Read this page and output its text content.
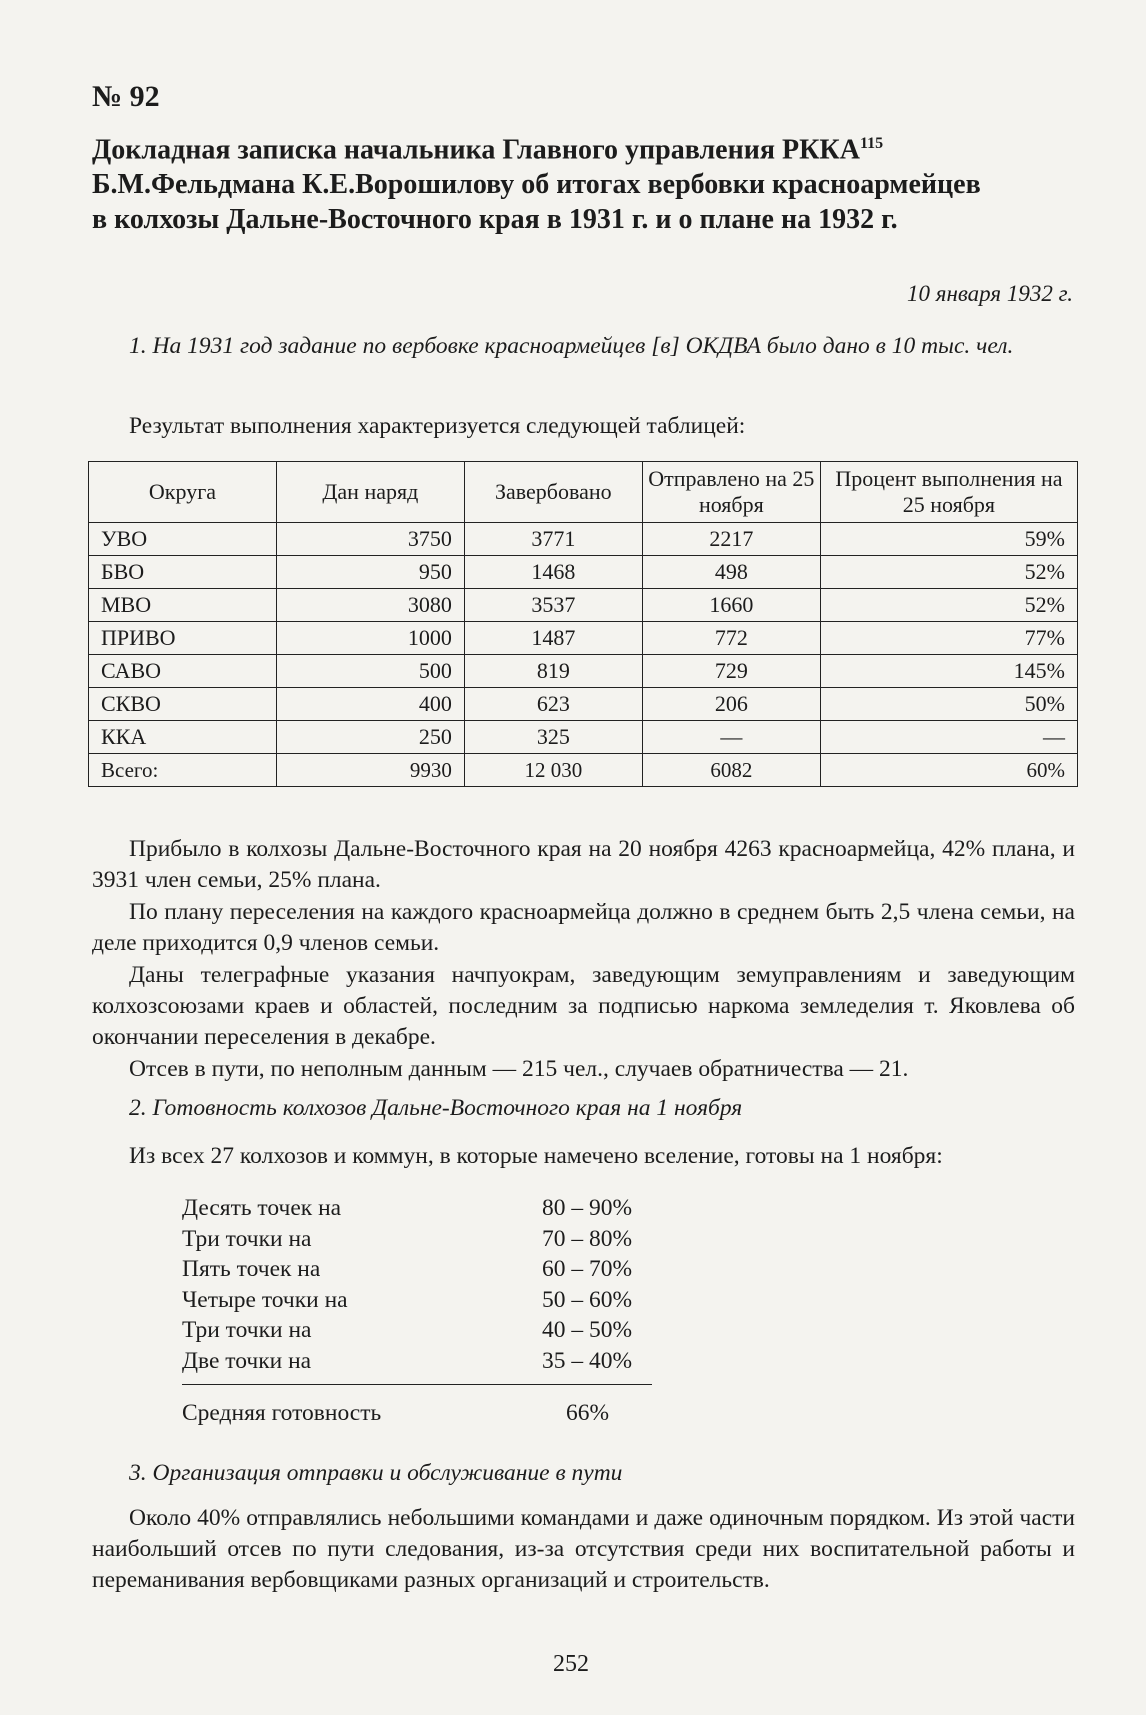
№ 92
Докладная записка начальника Главного управления РККА$^{115}$ Б.М.Фельдмана К.Е.Ворошилову об итогах вербовки красноармейцев в колхозы Дальне-Восточного края в 1931 г. и о плане на 1932 г.
10 января 1932 г.
1. На 1931 год задание по вербовке красноармейцев [в] ОКДВА было дано в 10 тыс. чел.
Результат выполнения характеризуется следующей таблицей:
Округа	Дан наряд	Завербовано	Отправлено на 25 ноября	Процент выполнения на 25 ноября
УВО	3750	3771	2217	59%
БВО	950	1468	498	52%
МВО	3080	3537	1660	52%
ПРИВО	1000	1487	772	77%
САВО	500	819	729	145%
СКВО	400	623	206	50%
ККА	250	325	—	—
Всего:	9930	12 030	6082	60%
Прибыло в колхозы Дальне-Восточного края на 20 ноября 4263 красноармейца, 42% плана, и 3931 член семьи, 25% плана.
По плану переселения на каждого красноармейца должно в среднем быть 2,5 члена семьи, на деле приходится 0,9 членов семьи.
Даны телеграфные указания начпуокрам, заведующим земуправлениям и заведующим колхозсоюзами краев и областей, последним за подписью наркома земледелия т. Яковлева об окончании переселения в декабре.
Отсев в пути, по неполным данным — 215 чел., случаев обратничества — 21.
2. Готовность колхозов Дальне-Восточного края на 1 ноября
Из всех 27 колхозов и коммун, в которые намечено вселение, готовы на 1 ноября:
Десять точек на	80 – 90%
Три точки на	70 – 80%
Пять точек на	60 – 70%
Четыре точки на	50 – 60%
Три точки на	40 – 50%
Две точки на	35 – 40%
Средняя готовность	66%
3. Организация отправки и обслуживание в пути
Около 40% отправлялись небольшими командами и даже одиночным порядком. Из этой части наибольший отсев по пути следования, из-за отсутствия среди них воспитательной работы и переманивания вербовщиками разных организаций и строительств.
252
